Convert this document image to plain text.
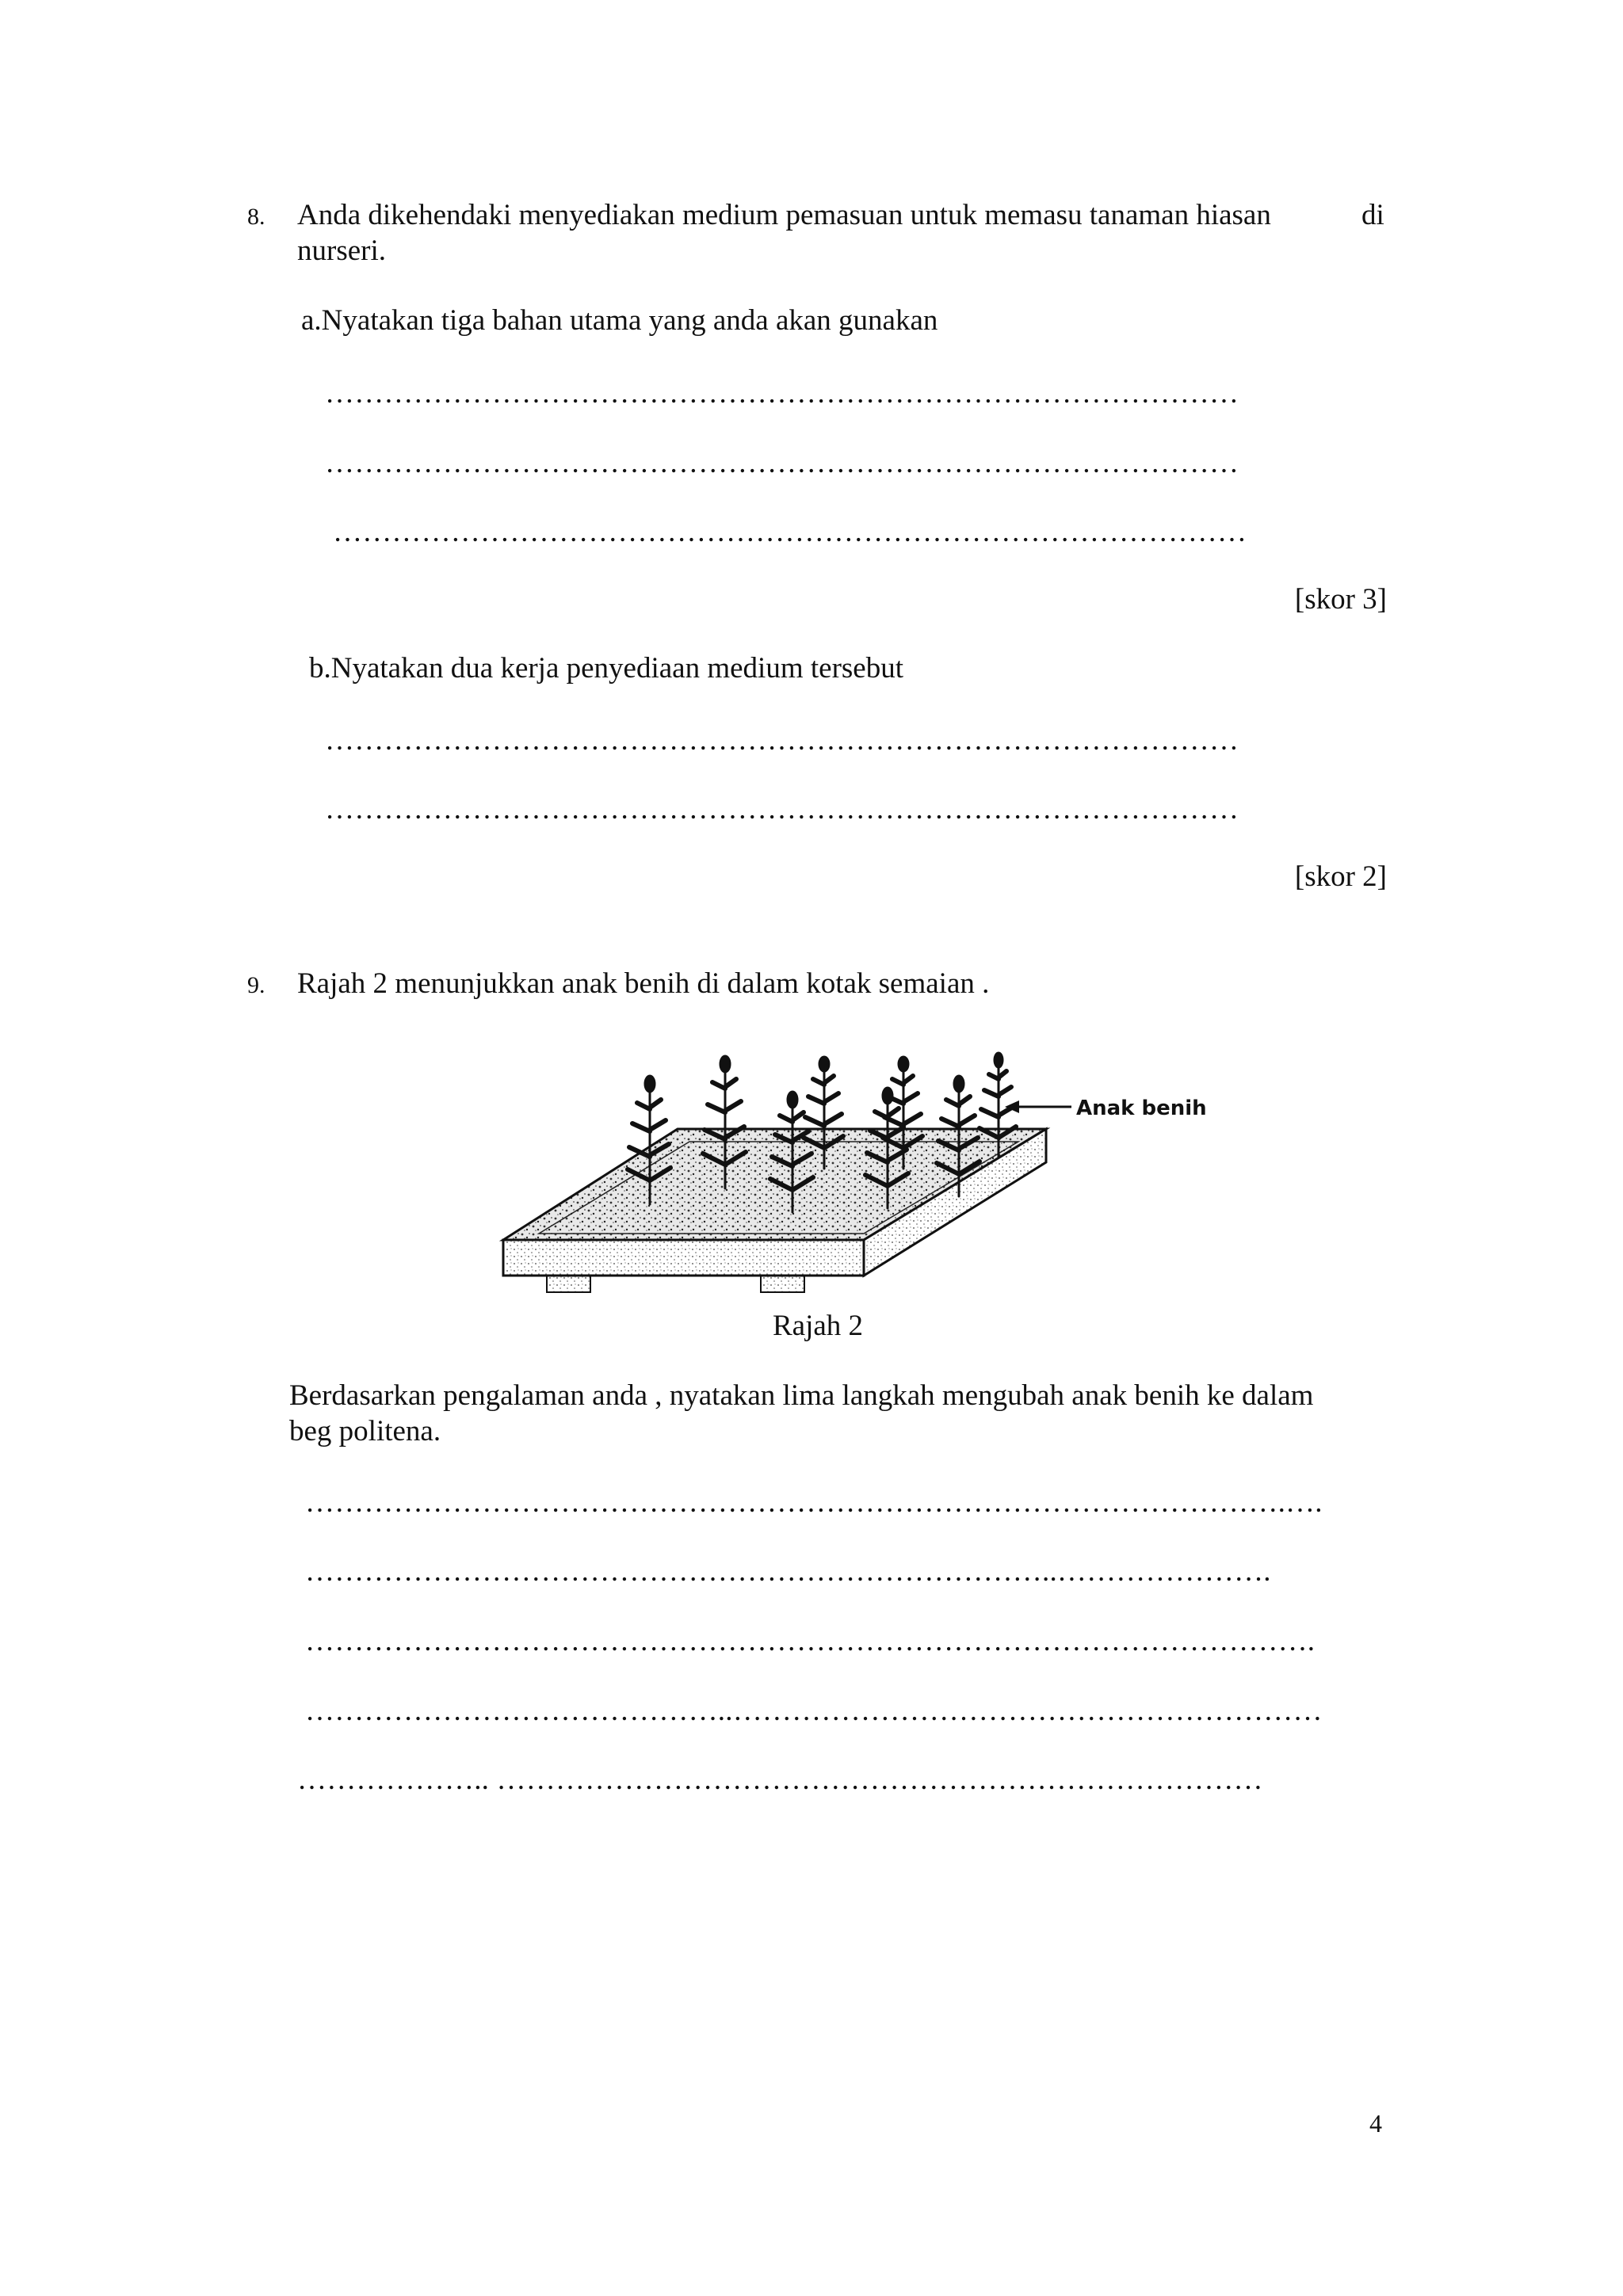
8. Anda dikehendaki menyediakan medium pemasuan untuk memasu tanaman hiasan	di
nurseri.
a.Nyatakan tiga bahan utama yang anda akan gunakan
…………………………………………………………………………………
…………………………………………………………………………………
…………………………………………………………………………………
[skor 3]
b.Nyatakan dua kerja penyediaan medium tersebut
…………………………………………………………………………………
…………………………………………………………………………………
[skor 2]
9. Rajah 2 menunjukkan anak benih di dalam kotak semaian .
Anak benih
Rajah 2
Berdasarkan pengalaman anda , nyatakan lima langkah mengubah anak benih ke dalam
beg politena.
……………………………………………………………………………………….….
…………………………………………………………………..………………….
………………………………………………………………………………………….
……………………………………..……………………………………………………
……………….. ……………………………………………………………………
4
